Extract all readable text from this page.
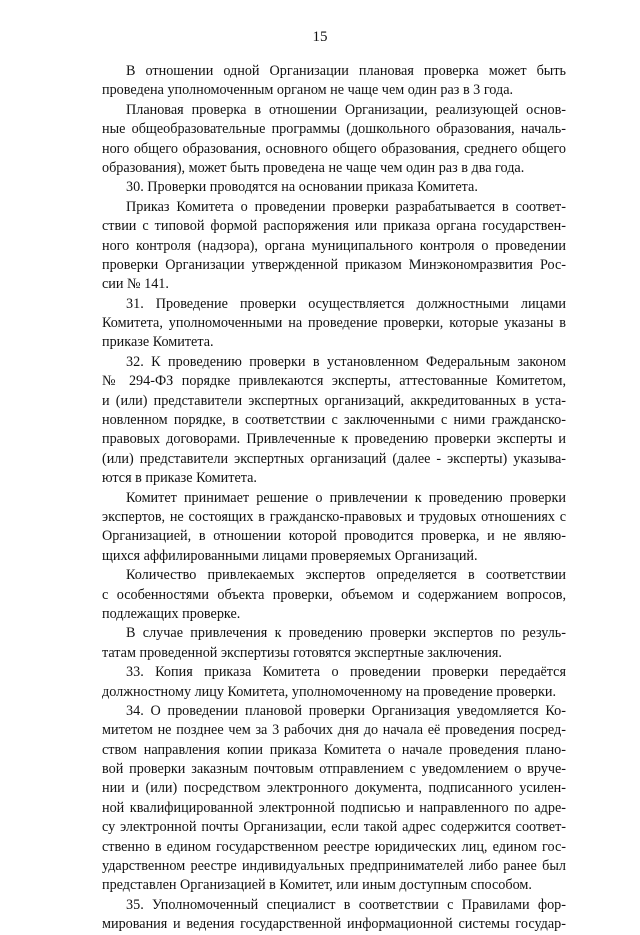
15
В отношении одной Организации плановая проверка может быть
проведена уполномоченным органом не чаще чем один раз в 3 года.
Плановая проверка в отношении Организации, реализующей основ-
ные общеобразовательные программы (дошкольного образования, началь-
ного общего образования, основного общего образования, среднего общего
образования), может быть проведена не чаще чем один раз в два года.
30. Проверки проводятся на основании приказа Комитета.
Приказ Комитета о проведении проверки разрабатывается в соответ-
ствии с типовой формой распоряжения или приказа органа государствен-
ного контроля (надзора), органа муниципального контроля о проведении
проверки Организации утвержденной приказом Минэкономразвития Рос-
сии № 141.
31. Проведение проверки осуществляется должностными лицами
Комитета, уполномоченными на проведение проверки, которые указаны в
приказе Комитета.
32. К проведению проверки в установленном Федеральным законом
№ 294-ФЗ порядке привлекаются эксперты, аттестованные Комитетом,
и (или) представители экспертных организаций, аккредитованных в уста-
новленном порядке, в соответствии с заключенными с ними гражданско-
правовых договорами. Привлеченные к проведению проверки эксперты и
(или) представители экспертных организаций (далее - эксперты) указыва-
ются в приказе Комитета.
Комитет принимает решение о привлечении к проведению проверки
экспертов, не состоящих в гражданско-правовых и трудовых отношениях с
Организацией, в отношении которой проводится проверка, и не являю-
щихся аффилированными лицами проверяемых Организаций.
Количество привлекаемых экспертов определяется в соответствии
с особенностями объекта проверки, объемом и содержанием вопросов,
подлежащих проверке.
В случае привлечения к проведению проверки экспертов по резуль-
татам проведенной экспертизы готовятся экспертные заключения.
33. Копия приказа Комитета о проведении проверки передаётся
должностному лицу Комитета, уполномоченному на проведение проверки.
34. О проведении плановой проверки Организация уведомляется Ко-
митетом не позднее чем за 3 рабочих дня до начала её проведения посред-
ством направления копии приказа Комитета о начале проведения плано-
вой проверки заказным почтовым отправлением с уведомлением о вруче-
нии и (или) посредством электронного документа, подписанного усилен-
ной квалифицированной электронной подписью и направленного по адре-
су электронной почты Организации, если такой адрес содержится соответ-
ственно в едином государственном реестре юридических лиц, едином гос-
ударственном реестре индивидуальных предпринимателей либо ранее был
представлен Организацией в Комитет, или иным доступным способом.
35. Уполномоченный специалист в соответствии с Правилами фор-
мирования и ведения государственной информационной системы государ-
